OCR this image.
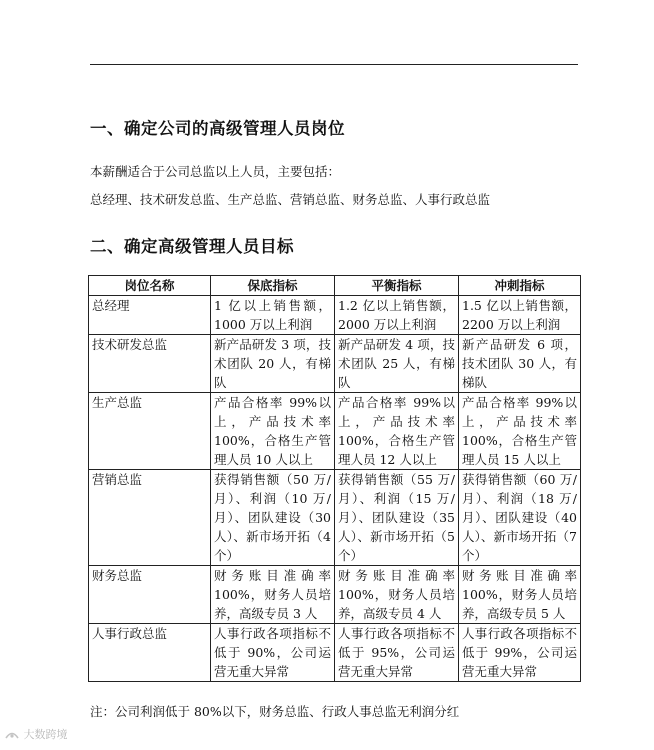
一、确定公司的高级管理人员岗位
本薪酬适合于公司总监以上人员，主要包括：
总经理、技术研发总监、生产总监、营销总监、财务总监、人事行政总监
二、确定高级管理人员目标
岗位名称	保底指标	平衡指标	冲刺指标
总经理	1 亿以上销售额，1000 万以上利润	1.2 亿以上销售额，2000 万以上利润	1.5 亿以上销售额，2200 万以上利润
技术研发总监	新产品研发 3 项，技术团队 20 人，有梯队	新产品研发 4 项，技术团队 25 人，有梯队	新产品研发 6 项，技术团队 30 人，有梯队
生产总监	产品合格率 99%以上，产品技术率 100%，合格生产管理人员 10 人以上	产品合格率 99%以上，产品技术率 100%，合格生产管理人员 12 人以上	产品合格率 99%以上，产品技术率 100%，合格生产管理人员 15 人以上
营销总监	获得销售额（50 万/月）、利润（10 万/月）、团队建设（30 人）、新市场开拓（4 个）	获得销售额（55 万/月）、利润（15 万/月）、团队建设（35 人）、新市场开拓（5 个）	获得销售额（60 万/月）、利润（18 万/月）、团队建设（40 人）、新市场开拓（7 个）
财务总监	财务账目准确率 100%，财务人员培养，高级专员 3 人	财务账目准确率 100%，财务人员培养，高级专员 4 人	财务账目准确率 100%，财务人员培养，高级专员 5 人
人事行政总监	人事行政各项指标不低于 90%，公司运营无重大异常	人事行政各项指标不低于 95%，公司运营无重大异常	人事行政各项指标不低于 99%，公司运营无重大异常
注：公司利润低于 80%以下，财务总监、行政人事总监无利润分红
大数跨境
